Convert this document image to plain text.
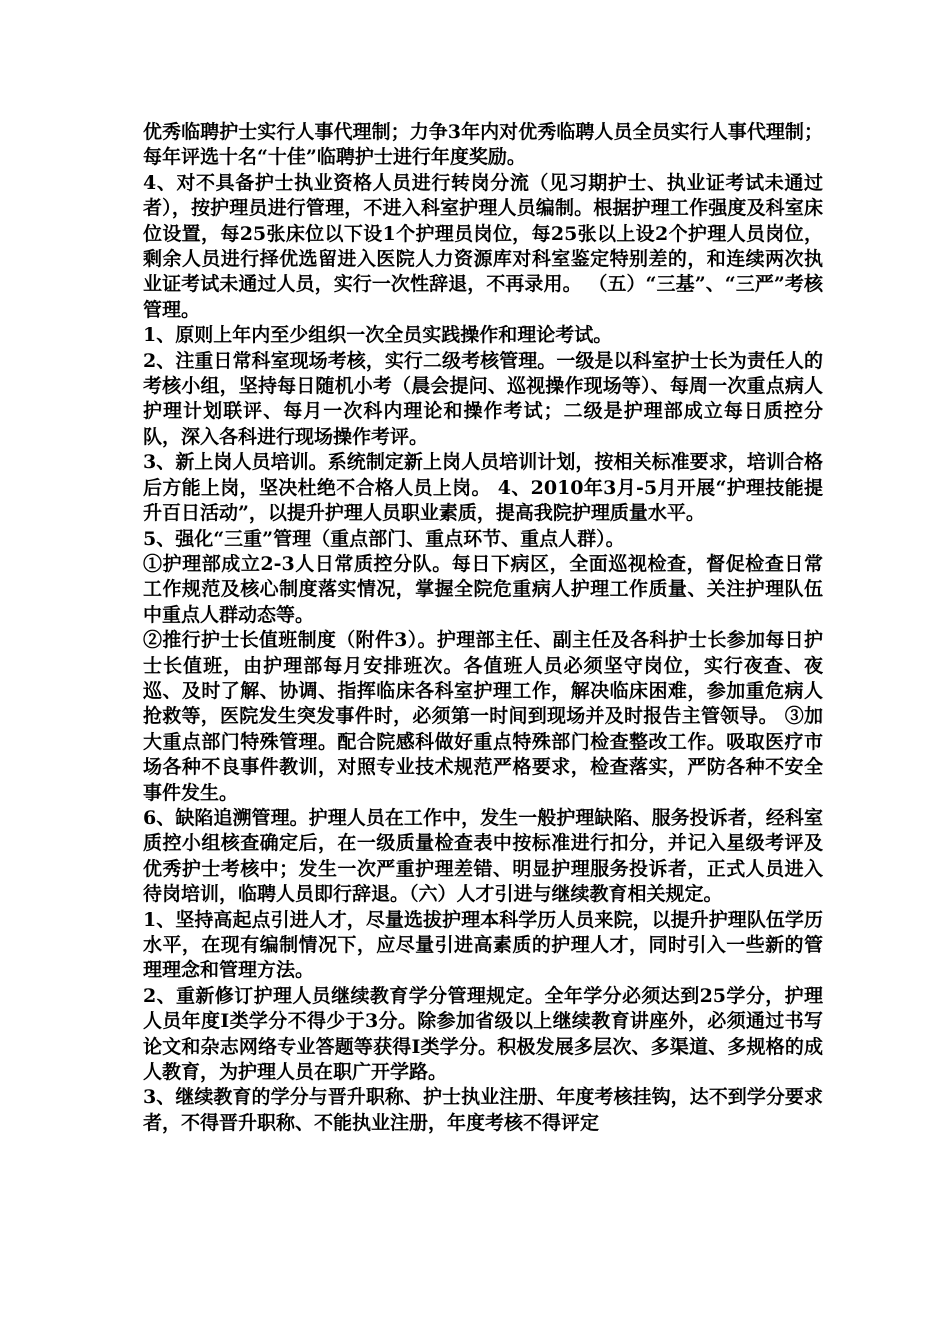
优秀临聘护士实行人事代理制；力争3年内对优秀临聘人员全员实行人事代理制；每年评选十名“十佳”临聘护士进行年度奖励。

4、对不具备护士执业资格人员进行转岗分流（见习期护士、执业证考试未通过者），按护理员进行管理，不进入科室护理人员编制。根据护理工作强度及科室床位设置，每25张床位以下设1个护理员岗位，每25张以上设2个护理人员岗位，剩余人员进行择优选留进入医院人力资源库对科室鉴定特别差的，和连续两次执业证考试未通过人员，实行一次性辞退，不再录用。 （五）“三基”、“三严”考核管理。

1、原则上年内至少组织一次全员实践操作和理论考试。

2、注重日常科室现场考核，实行二级考核管理。一级是以科室护士长为责任人的考核小组，坚持每日随机小考（晨会提问、巡视操作现场等）、每周一次重点病人护理计划联评、每月一次科内理论和操作考试；二级是护理部成立每日质控分队，深入各科进行现场操作考评。

3、新上岗人员培训。系统制定新上岗人员培训计划，按相关标准要求，培训合格后方能上岗，坚决杜绝不合格人员上岗。 4、2010年3月-5月开展“护理技能提升百日活动”，以提升护理人员职业素质，提高我院护理质量水平。

5、强化“三重”管理（重点部门、重点环节、重点人群）。

①护理部成立2-3人日常质控分队。每日下病区，全面巡视检查，督促检查日常工作规范及核心制度落实情况，掌握全院危重病人护理工作质量、关注护理队伍中重点人群动态等。

②推行护士长值班制度（附件3）。护理部主任、副主任及各科护士长参加每日护士长值班，由护理部每月安排班次。各值班人员必须坚守岗位，实行夜查、夜巡、及时了解、协调、指挥临床各科室护理工作，解决临床困难，参加重危病人抢救等，医院发生突发事件时，必须第一时间到现场并及时报告主管领导。 ③加大重点部门特殊管理。配合院感科做好重点特殊部门检查整改工作。吸取医疗市场各种不良事件教训，对照专业技术规范严格要求，检查落实，严防各种不安全事件发生。

6、缺陷追溯管理。护理人员在工作中，发生一般护理缺陷、服务投诉者，经科室质控小组核查确定后，在一级质量检查表中按标准进行扣分，并记入星级考评及优秀护士考核中；发生一次严重护理差错、明显护理服务投诉者，正式人员进入待岗培训，临聘人员即行辞退。（六）人才引进与继续教育相关规定。

1、坚持高起点引进人才，尽量选拔护理本科学历人员来院，以提升护理队伍学历水平，在现有编制情况下，应尽量引进高素质的护理人才，同时引入一些新的管理理念和管理方法。

2、重新修订护理人员继续教育学分管理规定。全年学分必须达到25学分，护理人员年度Ⅰ类学分不得少于3分。除参加省级以上继续教育讲座外，必须通过书写论文和杂志网络专业答题等获得Ⅰ类学分。积极发展多层次、多渠道、多规格的成人教育，为护理人员在职广开学路。

3、继续教育的学分与晋升职称、护士执业注册、年度考核挂钩，达不到学分要求者，不得晋升职称、不能执业注册，年度考核不得评定
